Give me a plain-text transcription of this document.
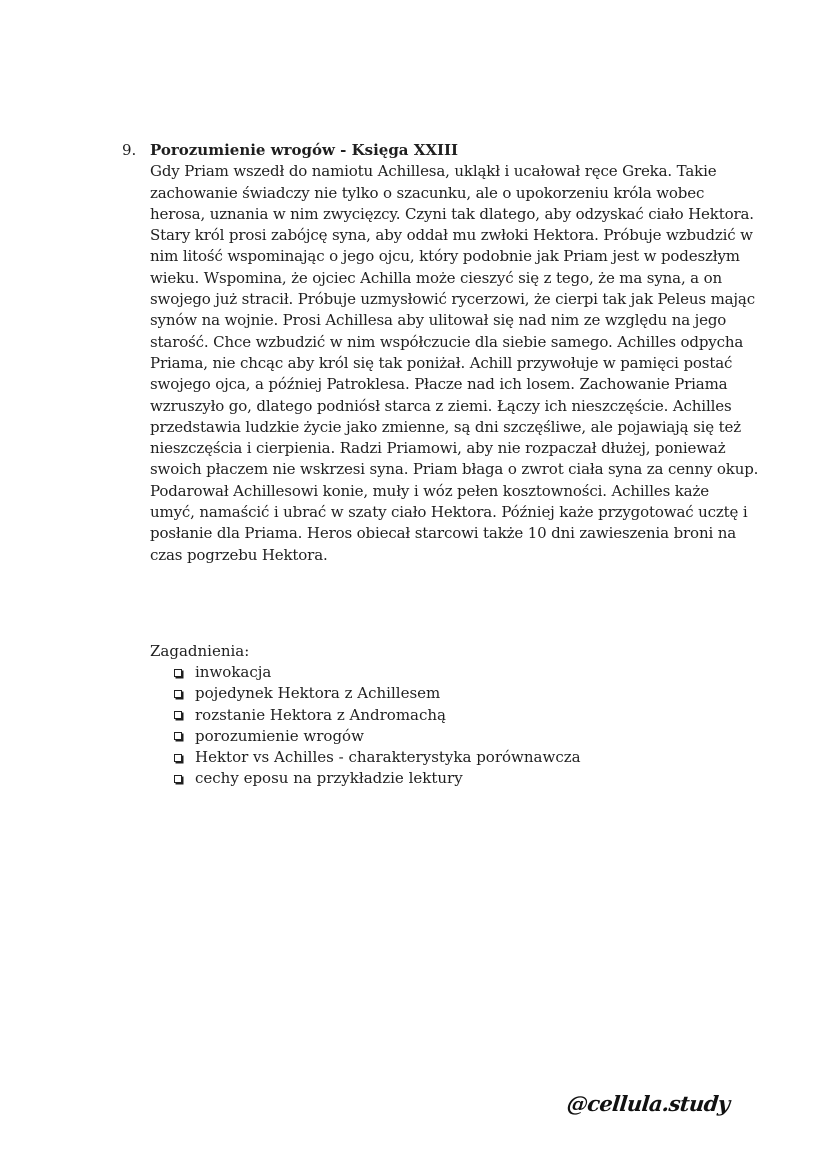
9. Porozumienie wrogów - Księga XXIII
Gdy Priam wszedł do namiotu Achillesa, ukląkł i ucałował ręce Greka. Takie
zachowanie świadczy nie tylko o szacunku, ale o upokorzeniu króla wobec
herosa, uznania w nim zwycięzcy. Czyni tak dlatego, aby odzyskać ciało Hektora.
Stary król prosi zabójcę syna, aby oddał mu zwłoki Hektora. Próbuje wzbudzić w
nim litość wspominając o jego ojcu, który podobnie jak Priam jest w podeszłym
wieku. Wspomina, że ojciec Achilla może cieszyć się z tego, że ma syna, a on
swojego już stracił. Próbuje uzmysłowić rycerzowi, że cierpi tak jak Peleus mając
synów na wojnie. Prosi Achillesa aby ulitował się nad nim ze względu na jego
starość. Chce wzbudzić w nim współczucie dla siebie samego. Achilles odpycha
Priama, nie chcąc aby król się tak poniżał. Achill przywołuje w pamięci postać
swojego ojca, a później Patroklesa. Płacze nad ich losem. Zachowanie Priama
wzruszyło go, dlatego podniósł starca z ziemi. Łączy ich nieszczęście. Achilles
przedstawia ludzkie życie jako zmienne, są dni szczęśliwe, ale pojawiają się też
nieszczęścia i cierpienia. Radzi Priamowi, aby nie rozpaczał dłużej, ponieważ
swoich płaczem nie wskrzesi syna. Priam błaga o zwrot ciała syna za cenny okup.
Podarował Achillesowi konie, muły i wóz pełen kosztowności. Achilles każe
umyć, namaścić i ubrać w szaty ciało Hektora. Później każe przygotować ucztę i
posłanie dla Priama. Heros obiecał starcowi także 10 dni zawieszenia broni na
czas pogrzebu Hektora.
Zagadnienia:
inwokacja
pojedynek Hektora z Achillesem
rozstanie Hektora z Andromachą
porozumienie wrogów
Hektor vs Achilles - charakterystyka porównawcza
cechy eposu na przykładzie lektury
@cellula.study
